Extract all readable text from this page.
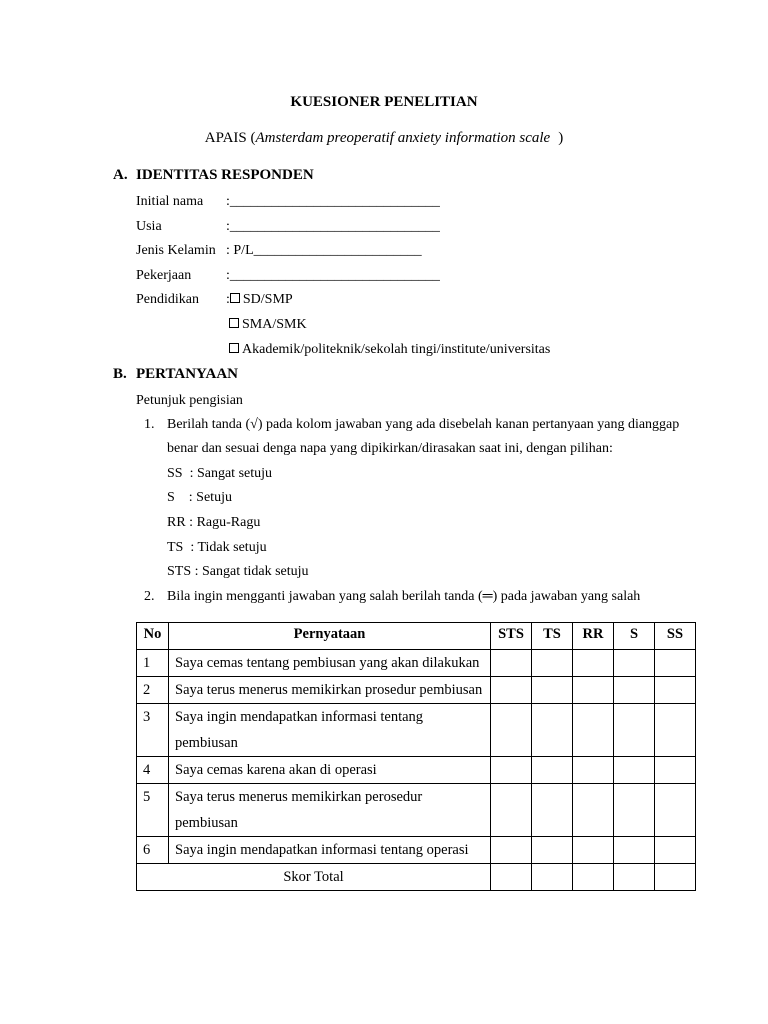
KUESIONER PENELITIAN
APAIS (Amsterdam preoperatif anxiety information scale )
A. IDENTITAS RESPONDEN
Initial nama :______________________________
Usia	:______________________________
Jenis Kelamin : P/L________________________
Pekerjaan :______________________________
Pendidikan : SD/SMP
SMA/SMK
Akademik/politeknik/sekolah tingi/institute/universitas
B. PERTANYAAN
Petunjuk pengisian
1. Berilah tanda (√) pada kolom jawaban yang ada disebelah kanan pertanyaan yang dianggap
benar dan sesuai denga napa yang dipikirkan/dirasakan saat ini, dengan pilihan:
SS  : Sangat setuju
S    : Setuju
RR : Ragu-Ragu
TS  : Tidak setuju
STS : Sangat tidak setuju
2. Bila ingin mengganti jawaban yang salah berilah tanda (═) pada jawaban yang salah
No	Pernyataan	STS	TS	RR	S	SS
1	Saya cemas tentang pembiusan yang akan dilakukan					
2	Saya terus menerus memikirkan prosedur pembiusan					
3	Saya ingin mendapatkan informasi tentang
pembiusan					

4	Saya cemas karena akan di operasi					
5	Saya terus menerus memikirkan perosedur
pembiusan					

6	Saya ingin mendapatkan informasi tentang operasi					
Skor Total						
